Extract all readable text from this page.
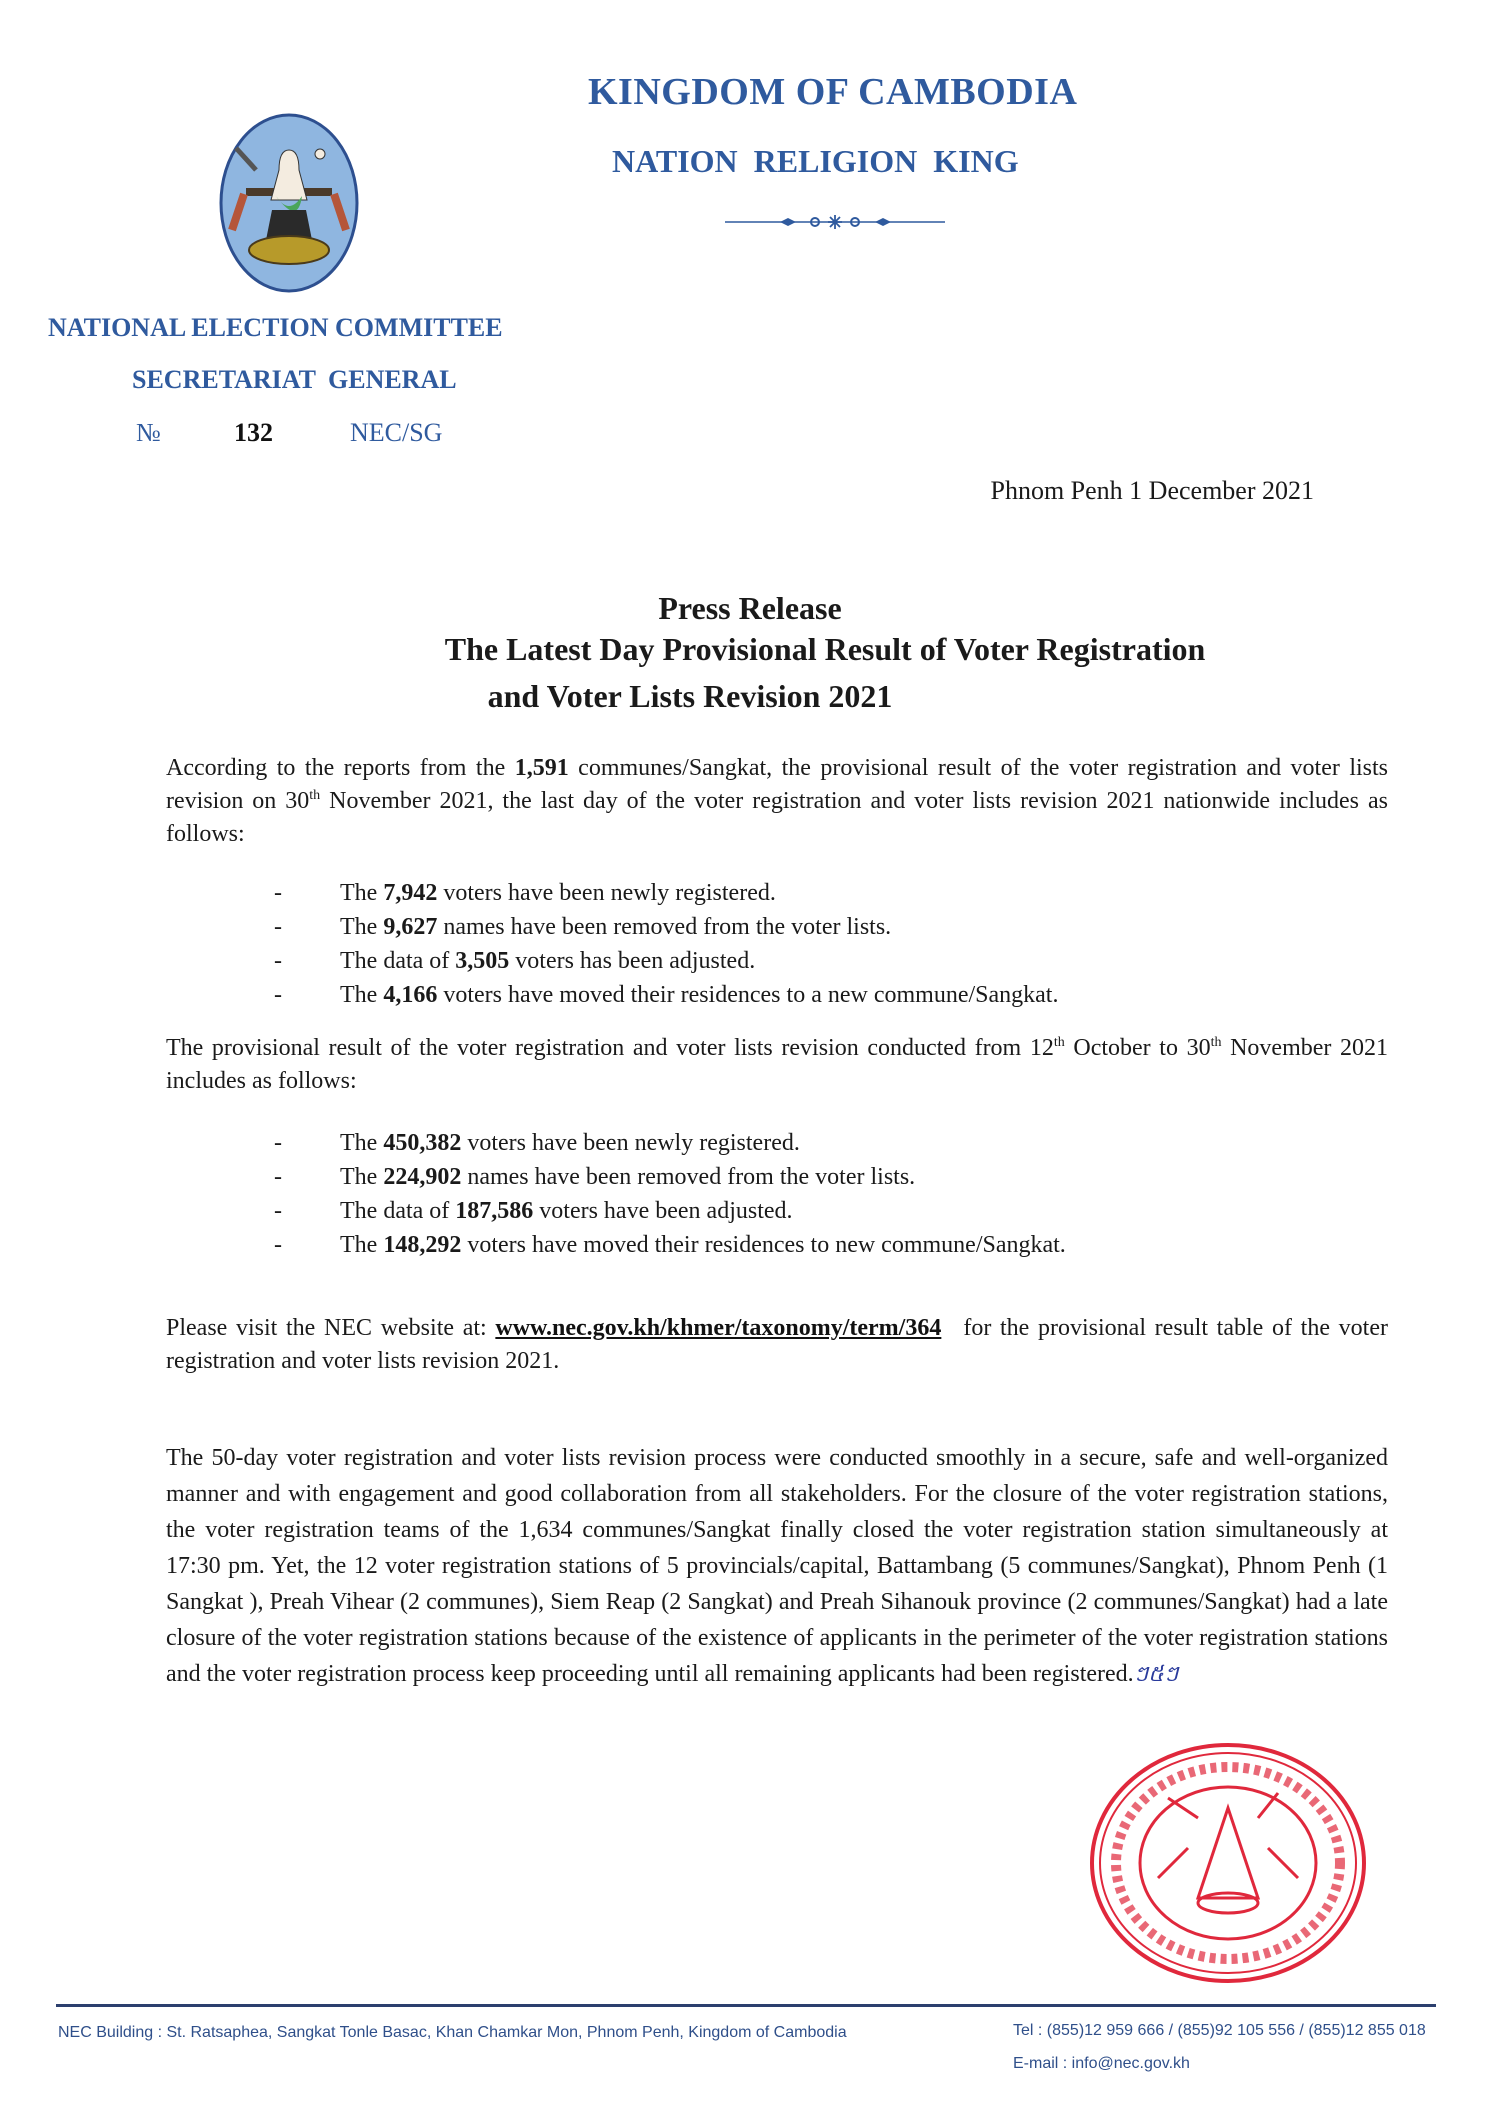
KINGDOM OF CAMBODIA
NATION RELIGION KING
NATIONAL ELECTION COMMITTEE
SECRETARIAT GENERAL
№	132	NEC/SG
Phnom Penh 1 December 2021
Press Release
The Latest Day Provisional Result of Voter Registration
and Voter Lists Revision 2021
According to the reports from the 1,591 communes/Sangkat, the provisional result of the voter registration and voter lists revision on 30th November 2021, the last day of the voter registration and voter lists revision 2021 nationwide includes as follows:
- The 7,942 voters have been newly registered.
- The 9,627 names have been removed from the voter lists.
- The data of 3,505 voters has been adjusted.
- The 4,166 voters have moved their residences to a new commune/Sangkat.
The provisional result of the voter registration and voter lists revision conducted from 12th October to 30th November 2021 includes as follows:
- The 450,382 voters have been newly registered.
- The 224,902 names have been removed from the voter lists.
- The data of 187,586 voters have been adjusted.
- The 148,292 voters have moved their residences to new commune/Sangkat.
Please visit the NEC website at: www.nec.gov.kh/khmer/taxonomy/term/364 for the provisional result table of the voter registration and voter lists revision 2021.
The 50-day voter registration and voter lists revision process were conducted smoothly in a secure, safe and well-organized manner and with engagement and good collaboration from all stakeholders. For the closure of the voter registration stations, the voter registration teams of the 1,634 communes/Sangkat finally closed the voter registration station simultaneously at 17:30 pm. Yet, the 12 voter registration stations of 5 provincials/capital, Battambang (5 communes/Sangkat), Phnom Penh (1 Sangkat ), Preah Vihear (2 communes), Siem Reap (2 Sangkat) and Preah Sihanouk province (2 communes/Sangkat) had a late closure of the voter registration stations because of the existence of applicants in the perimeter of the voter registration stations and the voter registration process keep proceeding until all remaining applicants had been registered.ៗ៥ៗ
NEC Building : St. Ratsaphea, Sangkat Tonle Basac, Khan Chamkar Mon, Phnom Penh, Kingdom of Cambodia	Tel : (855)12 959 666 / (855)92 105 556 / (855)12 855 018
E-mail : info@nec.gov.kh
